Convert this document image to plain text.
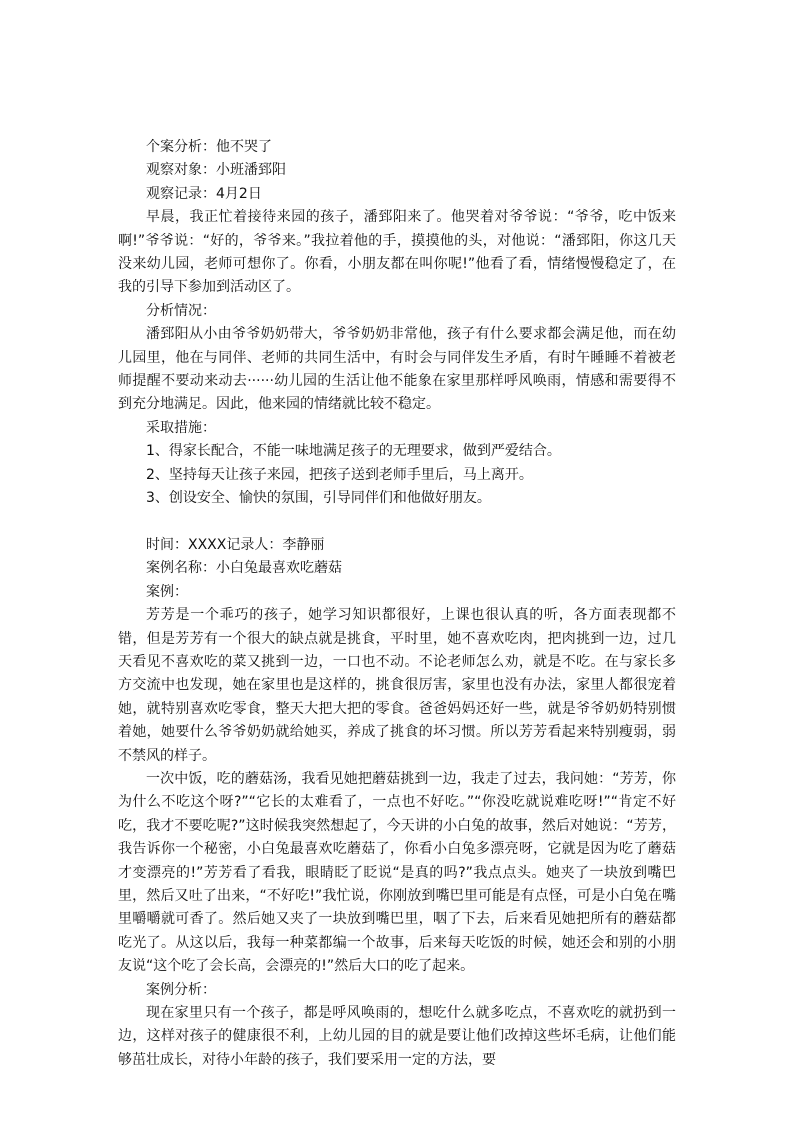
个案分析：他不哭了
观察对象：小班潘郅阳
观察记录：4月2日
早晨，我正忙着接待来园的孩子，潘郅阳来了。他哭着对爷爷说：“爷爷，吃中饭来啊!”爷爷说：“好的，爷爷来。”我拉着他的手，摸摸他的头，对他说：“潘郅阳，你这几天没来幼儿园，老师可想你了。你看，小朋友都在叫你呢!”他看了看，情绪慢慢稳定了，在我的引导下参加到活动区了。
分析情况：
潘郅阳从小由爷爷奶奶带大，爷爷奶奶非常他，孩子有什么要求都会满足他，而在幼儿园里，他在与同伴、老师的共同生活中，有时会与同伴发生矛盾，有时午睡睡不着被老师提醒不要动来动去······幼儿园的生活让他不能象在家里那样呼风唤雨，情感和需要得不到充分地满足。因此，他来园的情绪就比较不稳定。
采取措施：
1、得家长配合，不能一味地满足孩子的无理要求，做到严爱结合。
2、坚持每天让孩子来园，把孩子送到老师手里后，马上离开。
3、创设安全、愉快的氛围，引导同伴们和他做好朋友。
时间：XXXX记录人：李静丽
案例名称：小白兔最喜欢吃蘑菇
案例：
芳芳是一个乖巧的孩子，她学习知识都很好，上课也很认真的听，各方面表现都不错，但是芳芳有一个很大的缺点就是挑食，平时里，她不喜欢吃肉，把肉挑到一边，过几天看见不喜欢吃的菜又挑到一边，一口也不动。不论老师怎么劝，就是不吃。在与家长多方交流中也发现，她在家里也是这样的，挑食很厉害，家里也没有办法，家里人都很宠着她，就特别喜欢吃零食，整天大把大把的零食。爸爸妈妈还好一些，就是爷爷奶奶特别惯着她，她要什么爷爷奶奶就给她买，养成了挑食的坏习惯。所以芳芳看起来特别瘦弱，弱不禁风的样子。
一次中饭，吃的蘑菇汤，我看见她把蘑菇挑到一边，我走了过去，我问她：“芳芳，你为什么不吃这个呀?”“它长的太难看了，一点也不好吃。”“你没吃就说难吃呀!”“肯定不好吃，我才不要吃呢?”这时候我突然想起了，今天讲的小白兔的故事，然后对她说：“芳芳，我告诉你一个秘密，小白兔最喜欢吃蘑菇了，你看小白兔多漂亮呀，它就是因为吃了蘑菇才变漂亮的!”芳芳看了看我，眼睛眨了眨说“是真的吗?”我点点头。她夹了一块放到嘴巴里，然后又吐了出来，“不好吃!”我忙说，你刚放到嘴巴里可能是有点怪，可是小白兔在嘴里嚼嚼就可香了。然后她又夹了一块放到嘴巴里，咽了下去，后来看见她把所有的蘑菇都吃光了。从这以后，我每一种菜都编一个故事，后来每天吃饭的时候，她还会和别的小朋友说“这个吃了会长高，会漂亮的!”然后大口的吃了起来。
案例分析：
现在家里只有一个孩子，都是呼风唤雨的，想吃什么就多吃点，不喜欢吃的就扔到一边，这样对孩子的健康很不利，上幼儿园的目的就是要让他们改掉这些坏毛病，让他们能够茁壮成长，对待小年龄的孩子，我们要采用一定的方法，要
